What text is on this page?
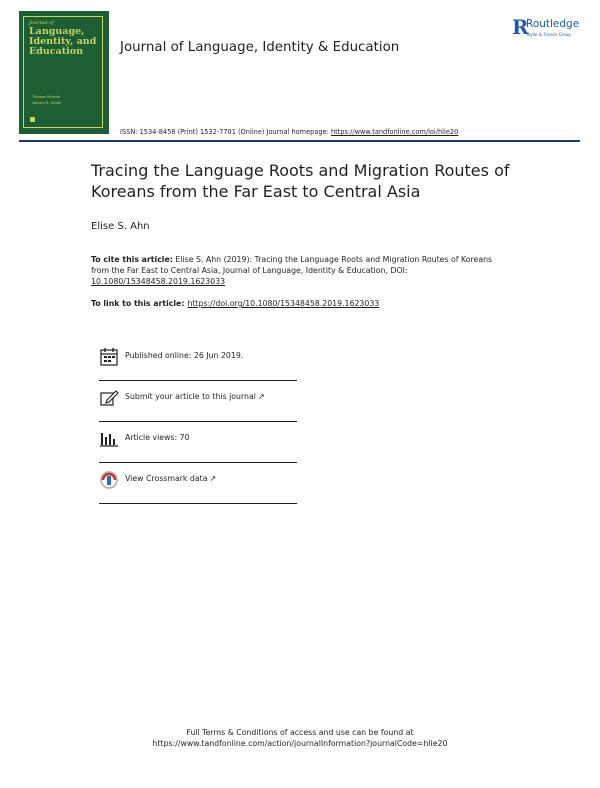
Journal of
Language, Identity, and Education
Thomas Ricento
Vaidehi R. Shiller
Journal of Language, Identity & Education
R
Routledge
Taylor & Francis Group
ISSN: 1534-8458 (Print) 1532-7701 (Online) Journal homepage: https://www.tandfonline.com/loi/hlie20
Tracing the Language Roots and Migration Routes of Koreans from the Far East to Central Asia
Elise S. Ahn
To cite this article: Elise S. Ahn (2019): Tracing the Language Roots and Migration Routes of Koreans from the Far East to Central Asia, Journal of Language, Identity & Education, DOI: 10.1080/15348458.2019.1623033
To link to this article: https://doi.org/10.1080/15348458.2019.1623033
Published online: 26 Jun 2019.
Submit your article to this journal ↗
Article views: 70
View Crossmark data ↗
Full Terms & Conditions of access and use can be found at
https://www.tandfonline.com/action/journalInformation?journalCode=hlie20
